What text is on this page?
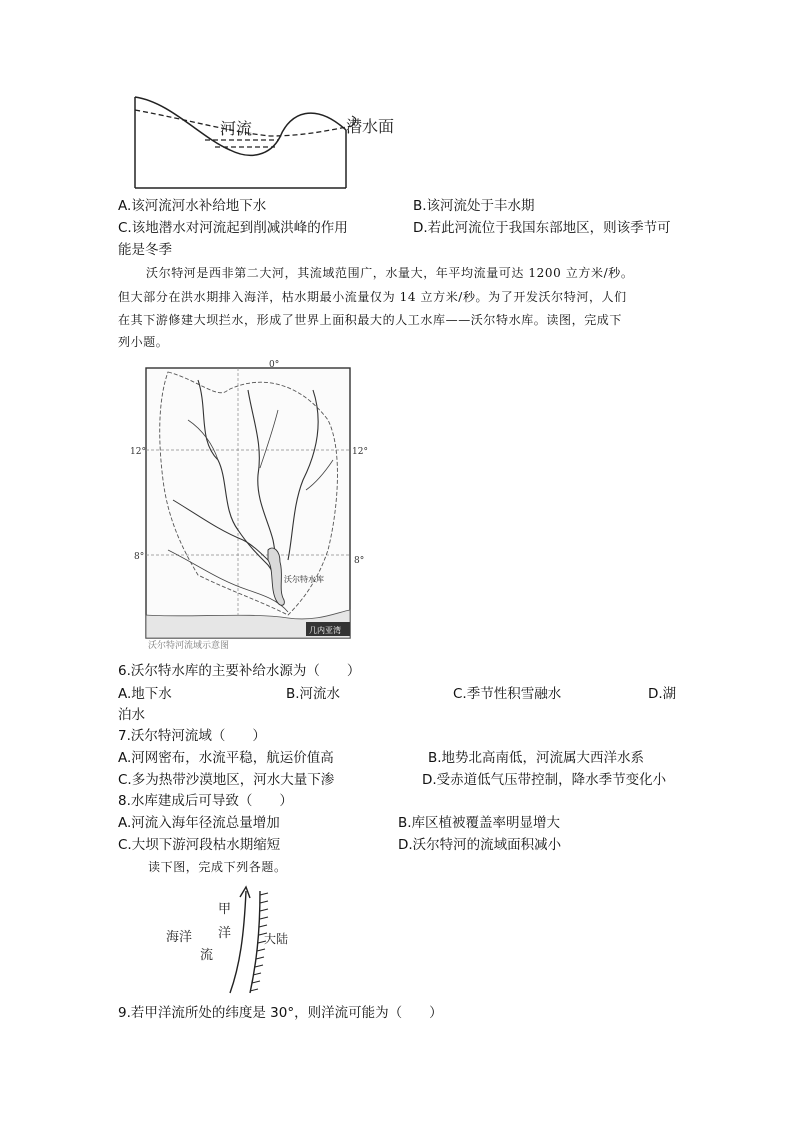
河流	潜水面
A.该河流河水补给地下水	B.该河流处于丰水期
C.该地潜水对河流起到削减洪峰的作用	D.若此河流位于我国东部地区，则该季节可
能是冬季
沃尔特河是西非第二大河，其流域范围广，水量大，年平均流量可达 1200 立方米/秒。
但大部分在洪水期排入海洋，枯水期最小流量仅为 14 立方米/秒。为了开发沃尔特河，人们
在其下游修建大坝拦水，形成了世界上面积最大的人工水库——沃尔特水库。读图，完成下
列小题。
0°
12°	12°
8°	8°
沃尔特水库
几内亚湾
沃尔特河流域示意图
6.沃尔特水库的主要补给水源为（　　）
A.地下水	B.河流水	C.季节性积雪融水	D.湖
泊水
7.沃尔特河流域（　　）
A.河网密布，水流平稳，航运价值高	B.地势北高南低，河流属大西洋水系
C.多为热带沙漠地区，河水大量下渗	D.受赤道低气压带控制，降水季节变化小
8.水库建成后可导致（　　）
A.河流入海年径流总量增加	B.库区植被覆盖率明显增大
C.大坝下游河段枯水期缩短	D.沃尔特河的流域面积减小
读下图，完成下列各题。
海洋
甲
洋
流
大陆
9.若甲洋流所处的纬度是 30°，则洋流可能为（　　）
